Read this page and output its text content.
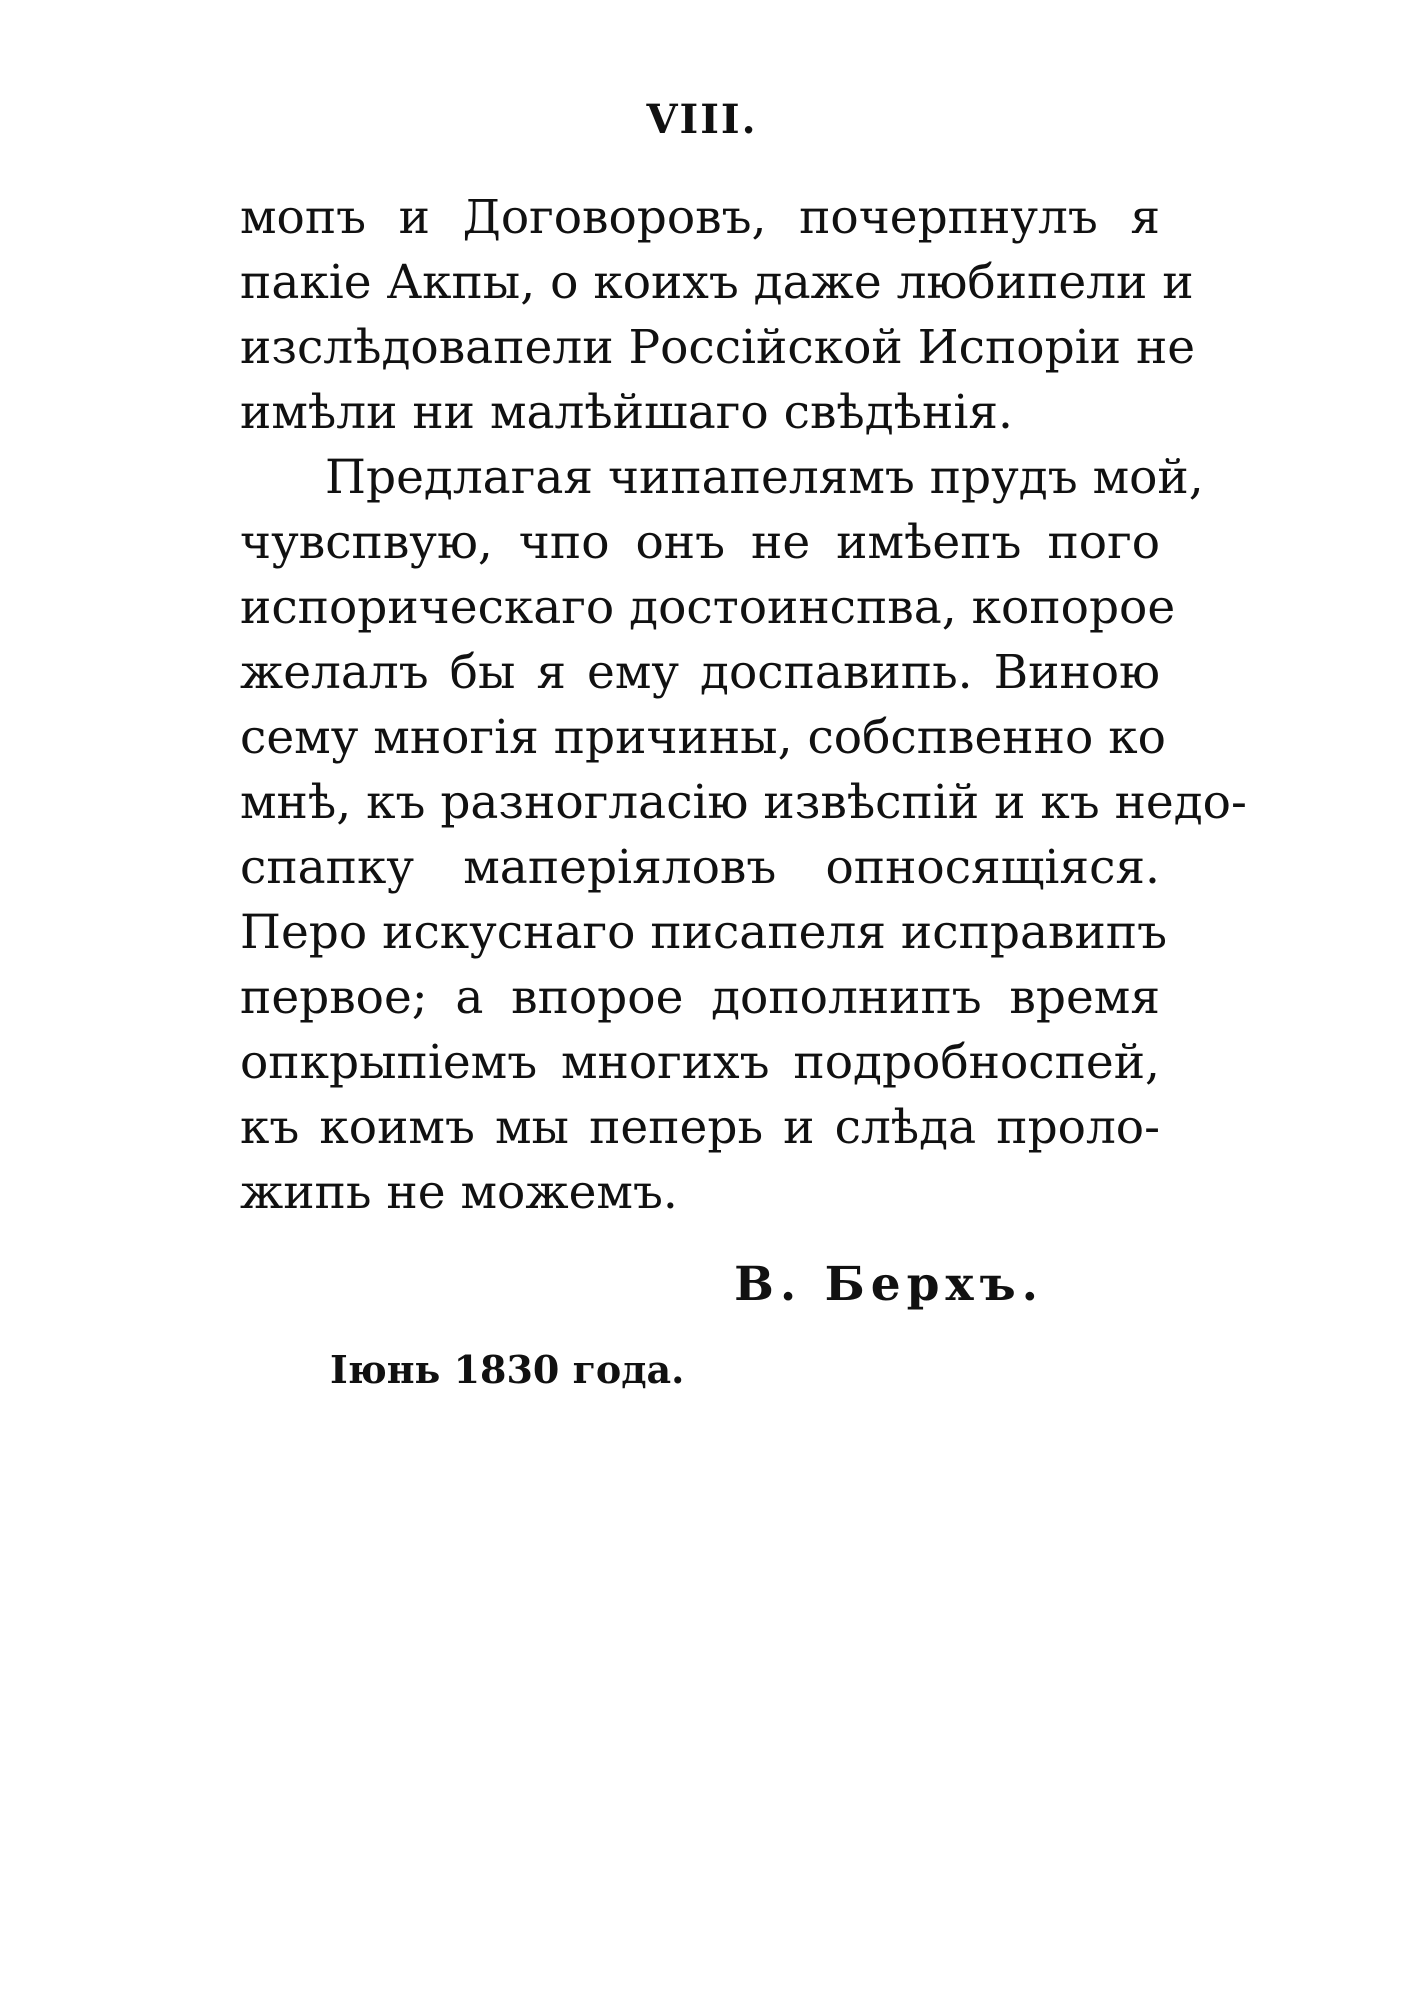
VIII.
мопъ и Договоровъ, почерпнулъ я
пакіе Акпы, о коихъ даже любипели и
изслѣдовапели Россійской Испоріи не
имѣли ни малѣйшаго свѣдѣнія.
Предлагая чипапелямъ прудъ мой,
чувспвую, чпо онъ не имѣепъ пого
испорическаго достоинспва, копорое
желалъ бы я ему доспавипь. Виною
сему многія причины, собспвенно ко
мнѣ, къ разногласію извѣспій и къ недо-
спапку маперіяловъ опносящіяся.
Перо искуснаго писапеля исправипъ
первое; а впорое дополнипъ время
опкрыпіемъ многихъ подробноспей,
къ коимъ мы пеперь и слѣда проло-
жипь не можемъ.
В. Берхъ.
Іюнь 1830 года.
